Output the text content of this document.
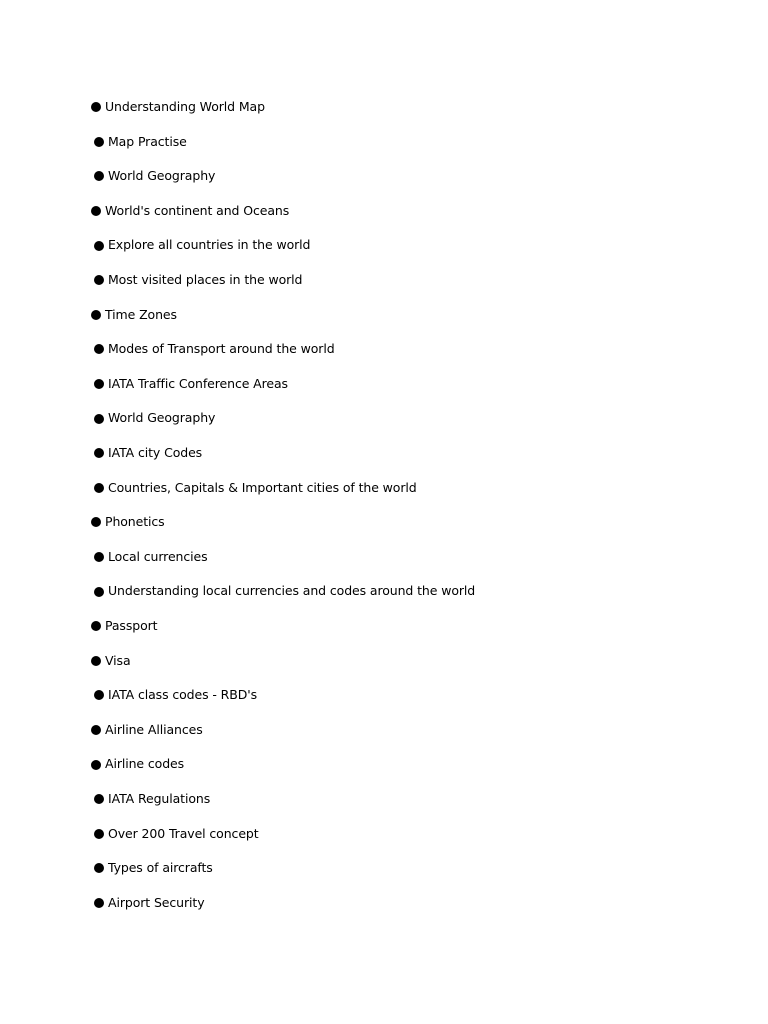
Understanding World Map
Map Practise
World Geography
World's continent and Oceans
Explore all countries in the world
Most visited places in the world
Time Zones
Modes of Transport around the world
IATA Traffic Conference Areas
World Geography
IATA city Codes
Countries, Capitals & Important cities of the world
Phonetics
Local currencies
Understanding local currencies and codes around the world
Passport
Visa
IATA class codes - RBD's
Airline Alliances
Airline codes
IATA Regulations
Over 200 Travel concept
Types of aircrafts
Airport Security
